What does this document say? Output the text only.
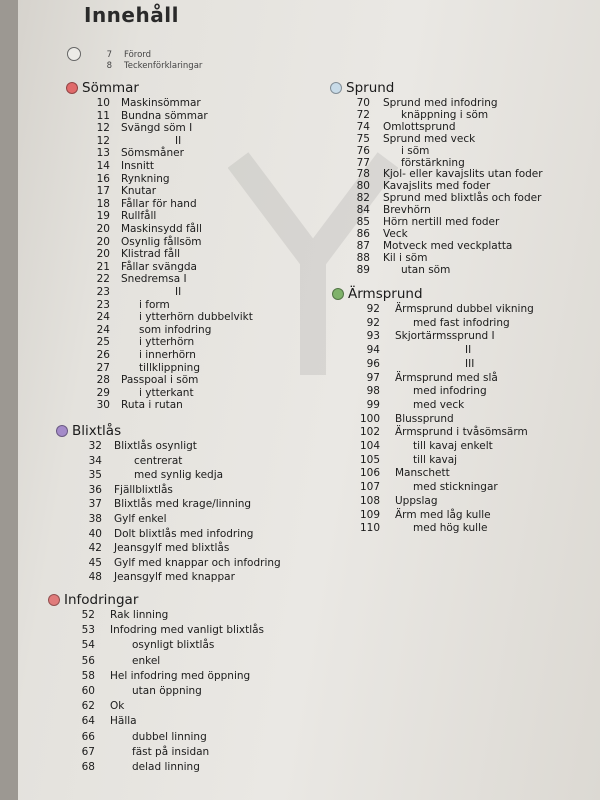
Innehåll
7 Förord
8 Teckenförklaringar
Sömmar
10 Maskinsömmar
11 Bundna sömmar
12 Svängd söm I
12	II
13 Sömsmåner
14 Insnitt
16 Rynkning
17 Knutar
18 Fållar för hand
19 Rullfåll
20 Maskinsydd fåll
20 Osynlig fållsöm
20 Klistrad fåll
21 Fållar svängda
22 Snedremsa I
23	II
23	i form
24	i ytterhörn dubbelvikt
24	som infodring
25	i ytterhörn
26	i innerhörn
27	tillklippning
28 Passpoal i söm
29	i ytterkant
30 Ruta i rutan
Blixtlås
32 Blixtlås osynligt
34	centrerat
35	med synlig kedja
36 Fjällblixtlås
37 Blixtlås med krage/linning
38 Gylf enkel
40 Dolt blixtlås med infodring
42 Jeansgylf med blixtlås
45 Gylf med knappar och infodring
48 Jeansgylf med knappar
Infodringar
52 Rak linning
53 Infodring med vanligt blixtlås
54	osynligt blixtlås
56	enkel
58 Hel infodring med öppning
60	utan öppning
62 Ok
64 Hälla
66	dubbel linning
67	fäst på insidan
68	delad linning
Sprund
70 Sprund med infodring
72	knäppning i söm
74 Omlottsprund
75 Sprund med veck
76	i söm
77	förstärkning
78 Kjol- eller kavajslits utan foder
80 Kavajslits med foder
82 Sprund med blixtlås och foder
84 Brevhörn
85 Hörn nertill med foder
86 Veck
87 Motveck med veckplatta
88 Kil i söm
89	utan söm
Ärmsprund
92 Ärmsprund dubbel vikning
92	med fast infodring
93 Skjortärmssprund I
94	II
96	III
97 Ärmsprund med slå
98	med infodring
99	med veck
100 Blussprund
102 Ärmsprund i tvåsömsärm
104	till kavaj enkelt
105	till kavaj
106 Manschett
107	med stickningar
108 Uppslag
109 Ärm med låg kulle
110	med hög kulle
